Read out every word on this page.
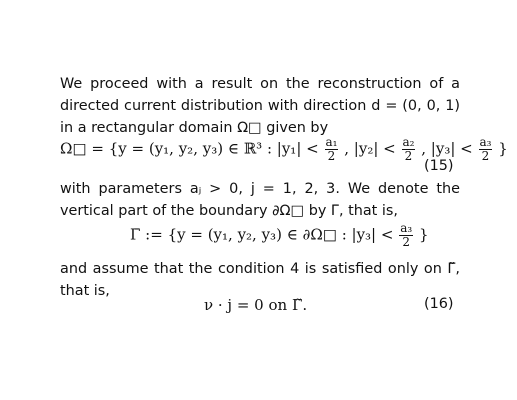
We proceed with a result on the reconstruction of a directed current distribution with direction d = (0, 0, 1) in a rectangular domain Ω□ given by

Ω□ = {y = (y₁, y₂, y₃) ∈ ℝ³ : $|y_1| < \frac{\text{a₁}}{2}$ , $|y_2| < \frac{\text{a₂}}{2}$ , $|y_3| < \frac{\text{a₃}}{2}$ }
(15)

with parameters aⱼ > 0, j = 1, 2, 3. We denote the vertical part of the boundary ∂Ω□ by Γ̄, that is,

Γ̄ := {y = (y₁, y₂, y₃) ∈ ∂Ω□ : $|y_3| < \frac{\text{a₃}}{2}$ }

and assume that the condition 4 is satisfied only on Γ̃, that is,

ν · j = 0 on Γ̃.	(16)
